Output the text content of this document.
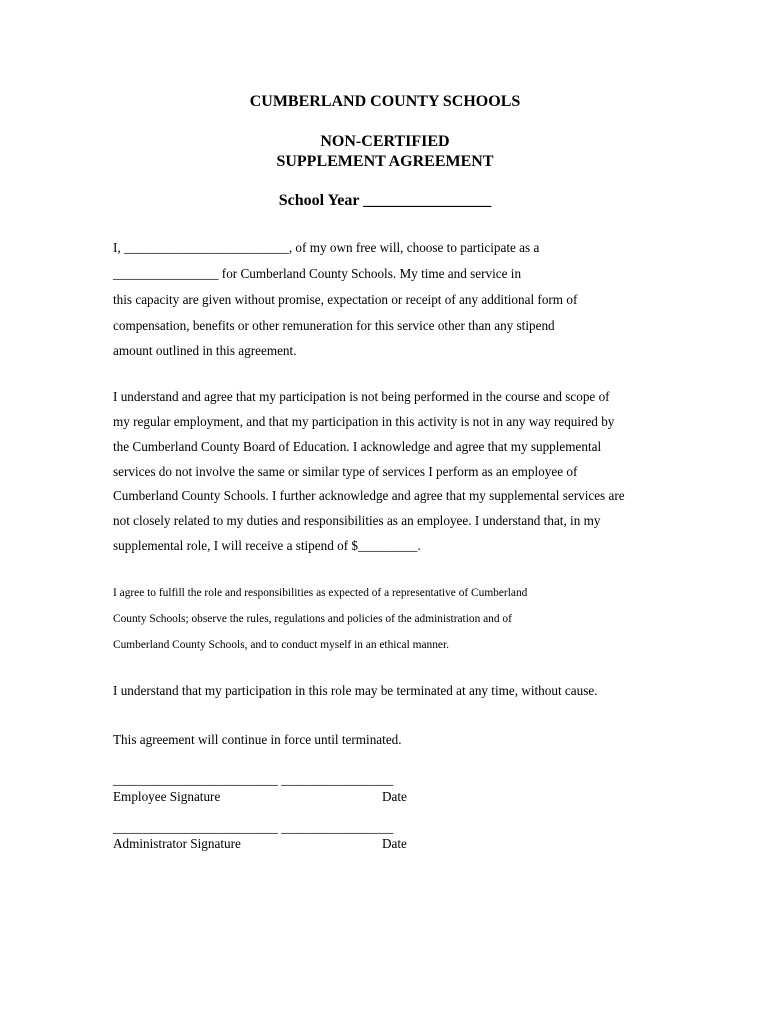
CUMBERLAND COUNTY SCHOOLS
NON-CERTIFIED
SUPPLEMENT AGREEMENT
School Year ________________
I, _________________________, of my own free will, choose to participate as a
________________ for Cumberland County Schools. My time and service in
this capacity are given without promise, expectation or receipt of any additional form of
compensation, benefits or other remuneration for this service other than any stipend
amount outlined in this agreement.
I understand and agree that my participation is not being performed in the course and scope of
my regular employment, and that my participation in this activity is not in any way required by
the Cumberland County Board of Education. I acknowledge and agree that my supplemental
services do not involve the same or similar type of services I perform as an employee of
Cumberland County Schools. I further acknowledge and agree that my supplemental services are
not closely related to my duties and responsibilities as an employee. I understand that, in my
supplemental role, I will receive a stipend of $_________.
I agree to fulfill the role and responsibilities as expected of a representative of Cumberland
County Schools; observe the rules, regulations and policies of the administration and of
Cumberland County Schools, and to conduct myself in an ethical manner.
I understand that my participation in this role may be terminated at any time, without cause.
This agreement will continue in force until terminated.
_________________________ _________________
Employee Signature	Date
_________________________ _________________
Administrator Signature	Date
